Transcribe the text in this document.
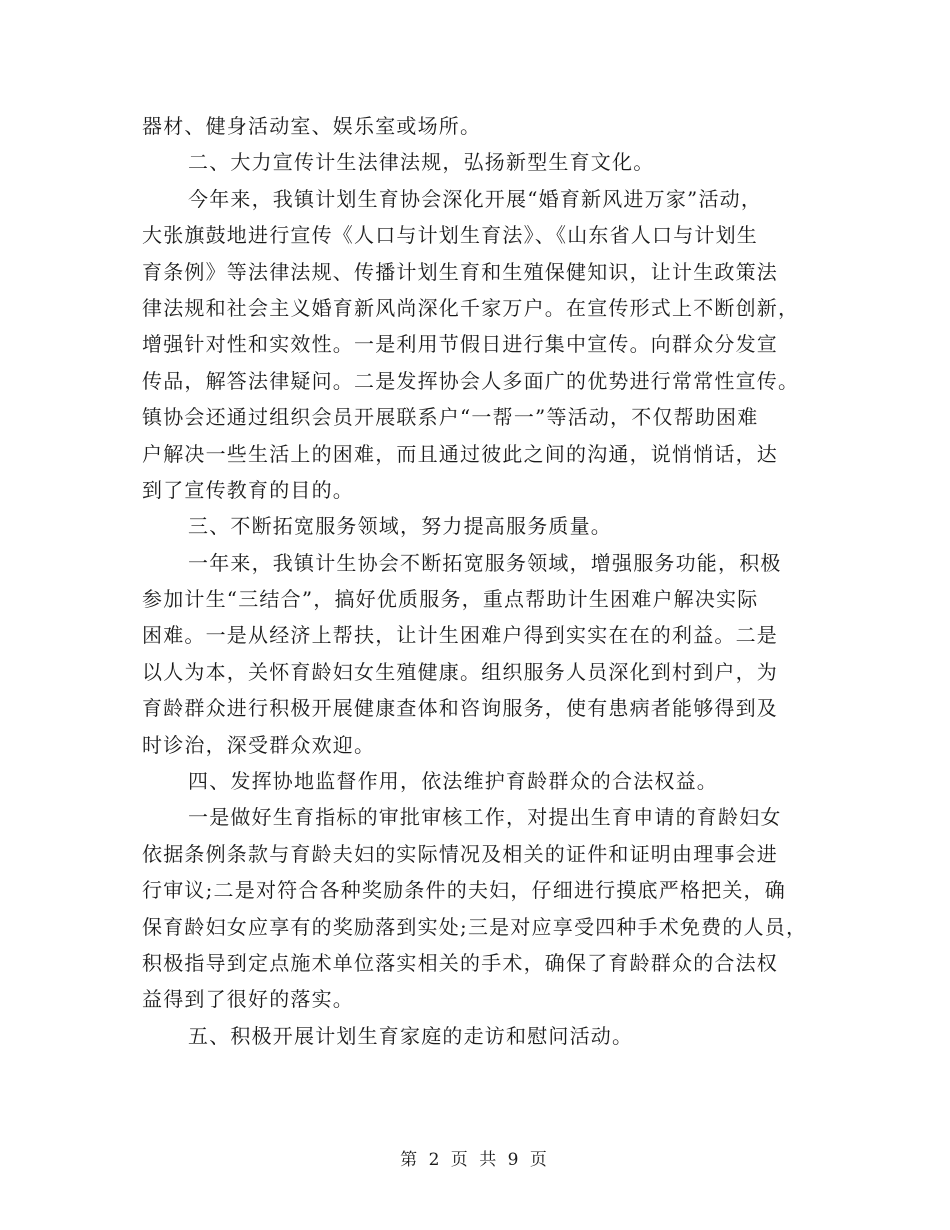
器材、健身活动室、娱乐室或场所。
二、大力宣传计生法律法规，弘扬新型生育文化。
今年来，我镇计划生育协会深化开展“婚育新风进万家”活动，
大张旗鼓地进行宣传《人口与计划生育法》、《山东省人口与计划生
育条例》等法律法规、传播计划生育和生殖保健知识，让计生政策法
律法规和社会主义婚育新风尚深化千家万户。在宣传形式上不断创新，
增强针对性和实效性。一是利用节假日进行集中宣传。向群众分发宣
传品，解答法律疑问。二是发挥协会人多面广的优势进行常常性宣传。
镇协会还通过组织会员开展联系户“一帮一”等活动，不仅帮助困难
户解决一些生活上的困难，而且通过彼此之间的沟通，说悄悄话，达
到了宣传教育的目的。
三、不断拓宽服务领域，努力提高服务质量。
一年来，我镇计生协会不断拓宽服务领域，增强服务功能，积极
参加计生“三结合”，搞好优质服务，重点帮助计生困难户解决实际
困难。一是从经济上帮扶，让计生困难户得到实实在在的利益。二是
以人为本，关怀育龄妇女生殖健康。组织服务人员深化到村到户，为
育龄群众进行积极开展健康查体和咨询服务，使有患病者能够得到及
时诊治，深受群众欢迎。
四、发挥协地监督作用，依法维护育龄群众的合法权益。
一是做好生育指标的审批审核工作，对提出生育申请的育龄妇女
依据条例条款与育龄夫妇的实际情况及相关的证件和证明由理事会进
行审议;二是对符合各种奖励条件的夫妇，仔细进行摸底严格把关，确
保育龄妇女应享有的奖励落到实处;三是对应享受四种手术免费的人员，
积极指导到定点施术单位落实相关的手术，确保了育龄群众的合法权
益得到了很好的落实。
五、积极开展计划生育家庭的走访和慰问活动。
第 2 页 共 9 页
